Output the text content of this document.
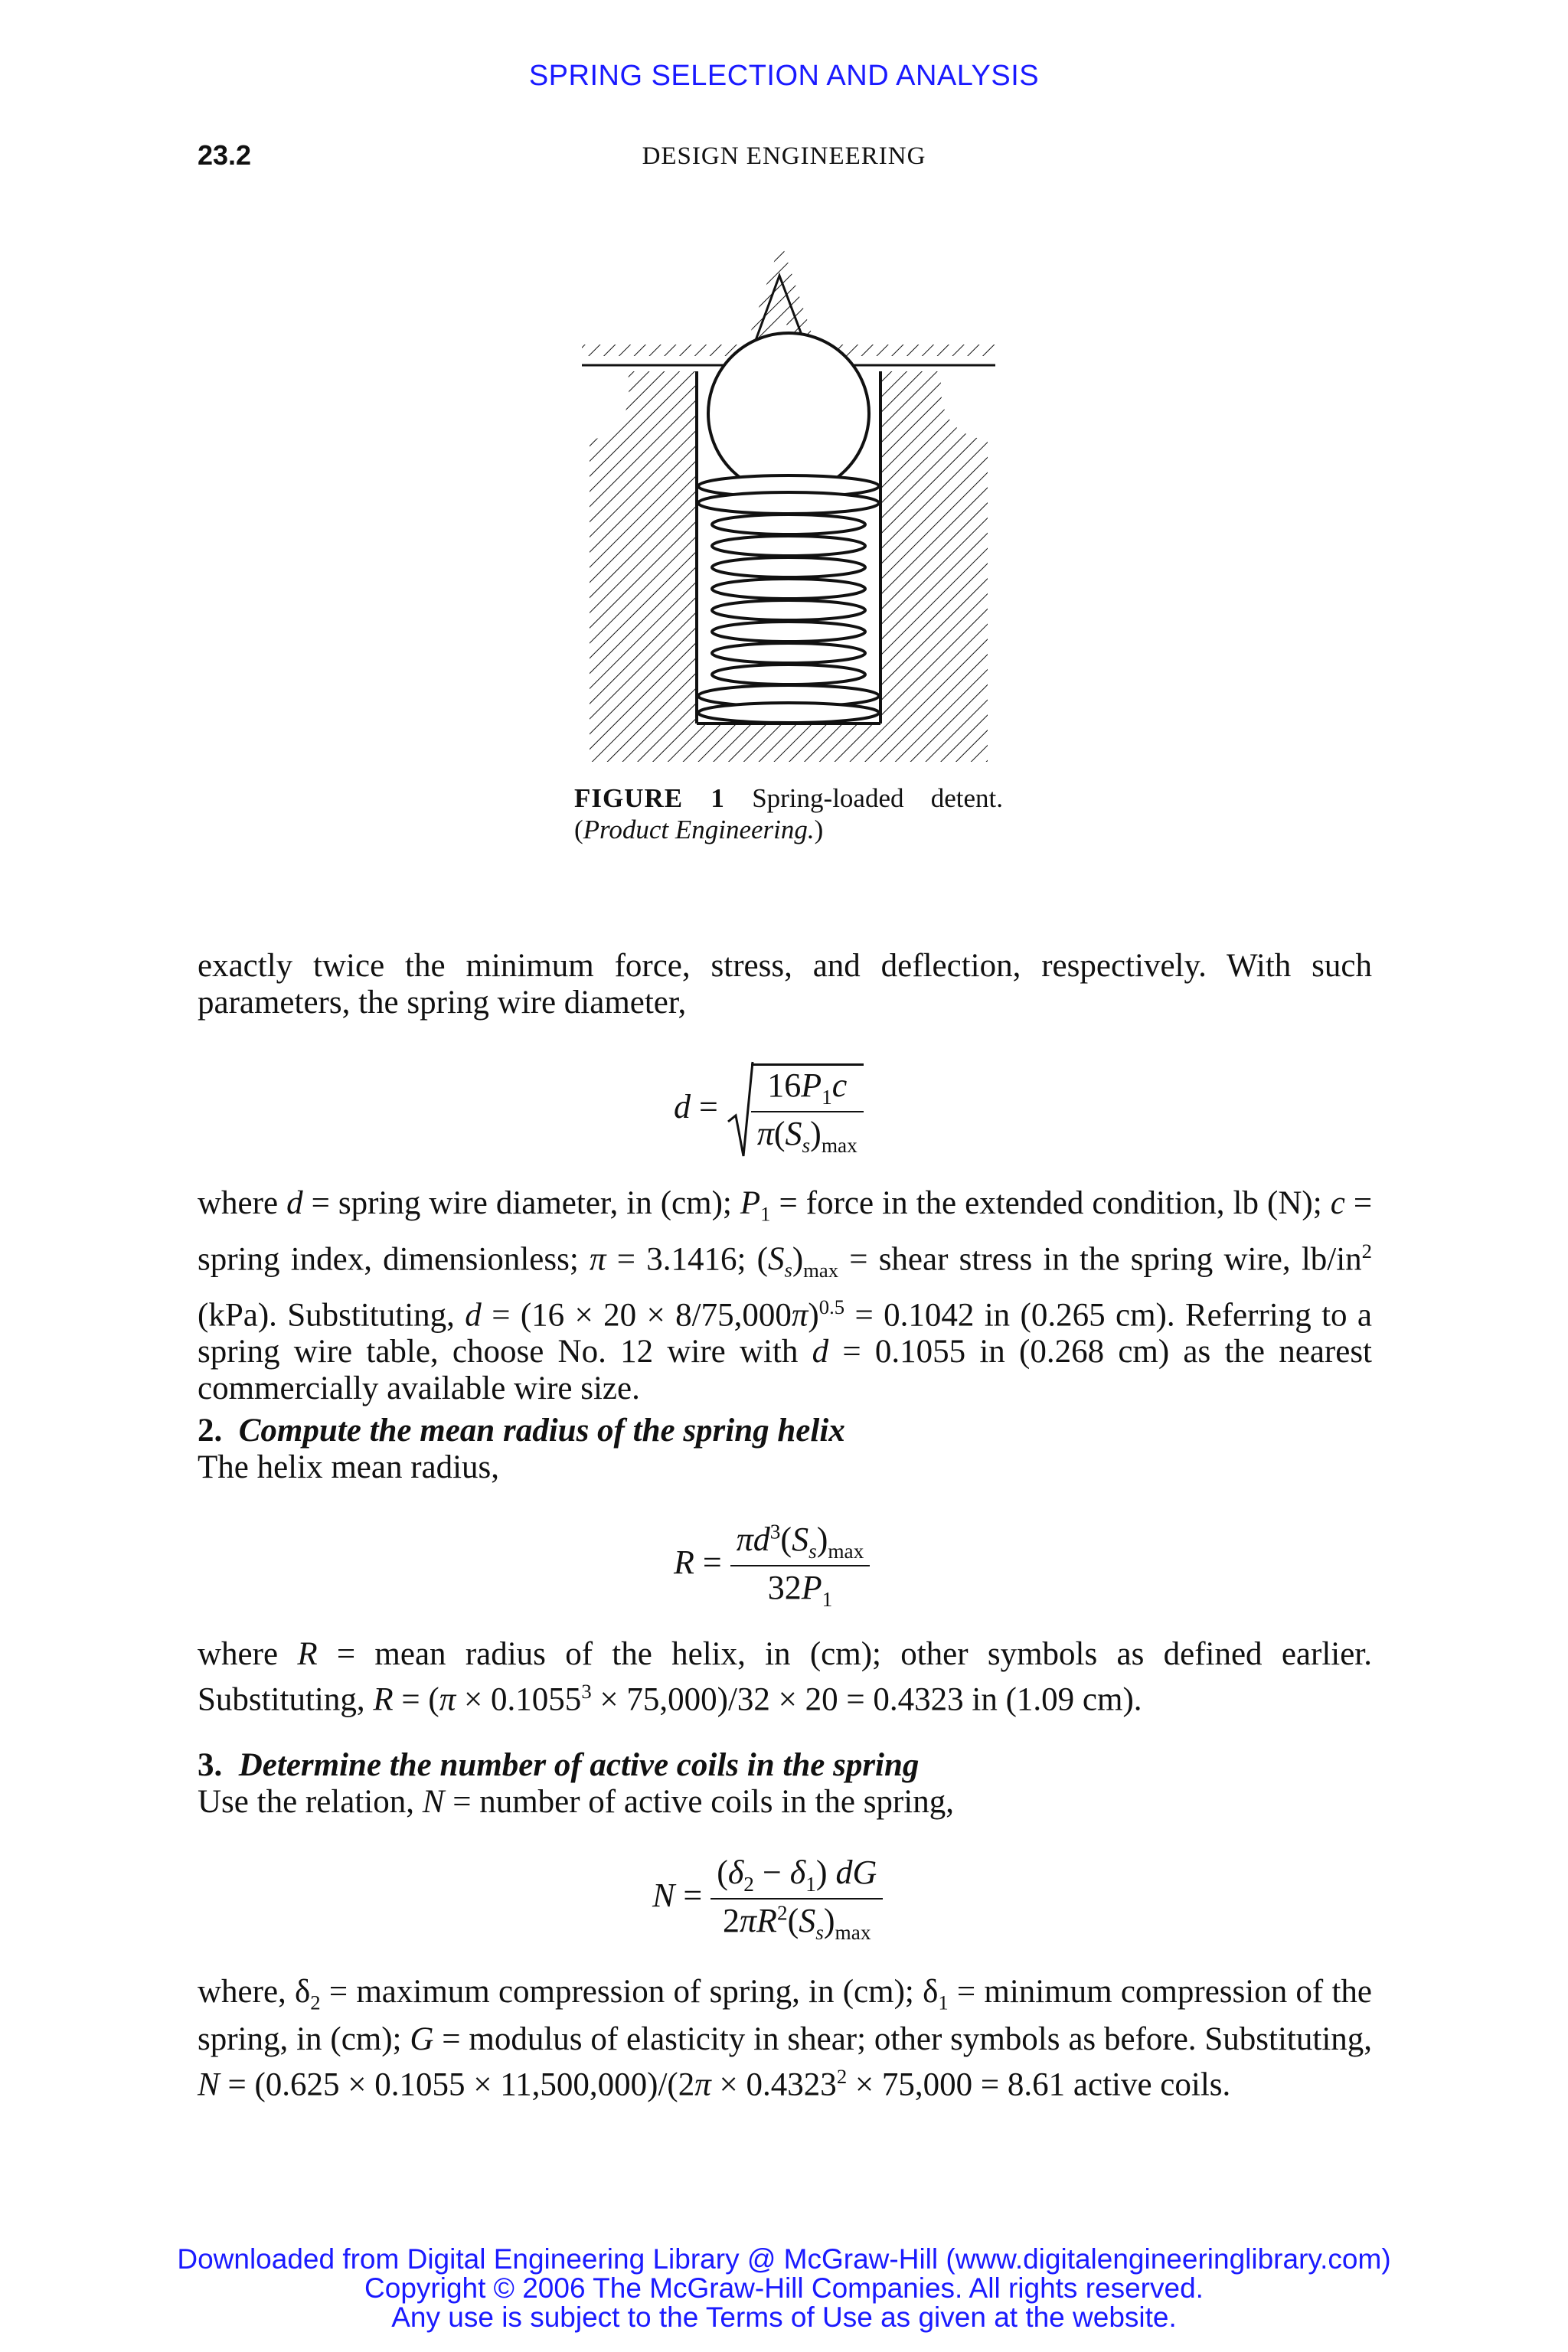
SPRING SELECTION AND ANALYSIS
23.2	DESIGN ENGINEERING
FIGURE 1 Spring-loaded detent. (Product Engineering.)
exactly twice the minimum force, stress, and deflection, respectively. With such parameters, the spring wire diameter,
$d = \frac{16P_1c}{\pi(S_s)_{max}}$
where d = spring wire diameter, in (cm); $P_1$ = force in the extended condition, lb (N); c = spring index, dimensionless; π = 3.1416; $(S_s)_{max}$ = shear stress in the spring wire, $lb/in^2$ (kPa). Substituting, $d = (16 \times 20 \times 8/75,000\pi)^{0.5} = 0.1042$ in (0.265 cm). Referring to a spring wire table, choose No. 12 wire with d = 0.1055 in (0.268 cm) as the nearest commercially available wire size.
2. Compute the mean radius of the spring helix
The helix mean radius,
$R = \frac{\pi d^3(S_s)_{max}}{32P_1}$
where R = mean radius of the helix, in (cm); other symbols as defined earlier. Substituting, $R = (\pi \times 0.1055^3 \times 75,000)/32 \times 20 = 0.4323$ in (1.09 cm).
3. Determine the number of active coils in the spring
Use the relation, N = number of active coils in the spring,
$N = \frac{(\delta_2 - \delta_1) dG}{2\pi R^2(S_s)_{max}}$
where, $\delta_2$ = maximum compression of spring, in (cm); $\delta_1$ = minimum compression of the spring, in (cm); G = modulus of elasticity in shear; other symbols as before. Substituting, $N = (0.625 \times 0.1055 \times 11,500,000)/(2\pi \times 0.4323^2 \times 75,000 = 8.61$ active coils.
Downloaded from Digital Engineering Library @ McGraw-Hill (www.digitalengineeringlibrary.com)
Copyright © 2006 The McGraw-Hill Companies. All rights reserved.
Any use is subject to the Terms of Use as given at the website.
